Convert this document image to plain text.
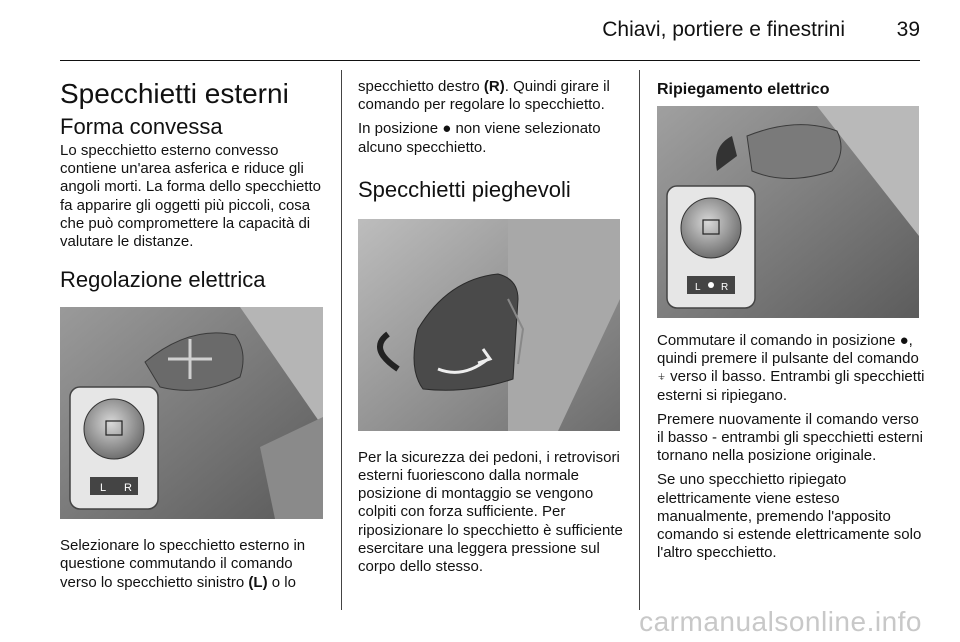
Chiavi, portiere e finestrini 39
Specchietti esterni
Forma convessa

Lo specchietto esterno convesso contiene un'area asferica e riduce gli angoli morti. La forma dello specchietto fa apparire gli oggetti più piccoli, cosa che può compromettere la capacità di valutare le distanze.

Regolazione elettrica
L R

Selezionare lo specchietto esterno in questione commutando il comando verso lo specchietto sinistro (L) o lo

specchietto destro (R). Quindi girare il comando per regolare lo specchietto.

In posizione ● non viene selezionato alcuno specchietto.

Specchietti pieghevoli

Per la sicurezza dei pedoni, i retrovisori esterni fuoriescono dalla normale posizione di montaggio se vengono colpiti con forza sufficiente. Per riposizionare lo specchietto è sufficiente esercitare una leggera pressione sul corpo dello stesso.

Ripiegamento elettrico
L R

Commutare il comando in posizione ●, quindi premere il pulsante del comando ⍖ verso il basso. Entrambi gli specchietti esterni si ripiegano.

Premere nuovamente il comando verso il basso - entrambi gli specchietti esterni tornano nella posizione originale.

Se uno specchietto ripiegato elettricamente viene esteso manualmente, premendo l'apposito comando si estende elettricamente solo l'altro specchietto.

carmanualsonline.info
